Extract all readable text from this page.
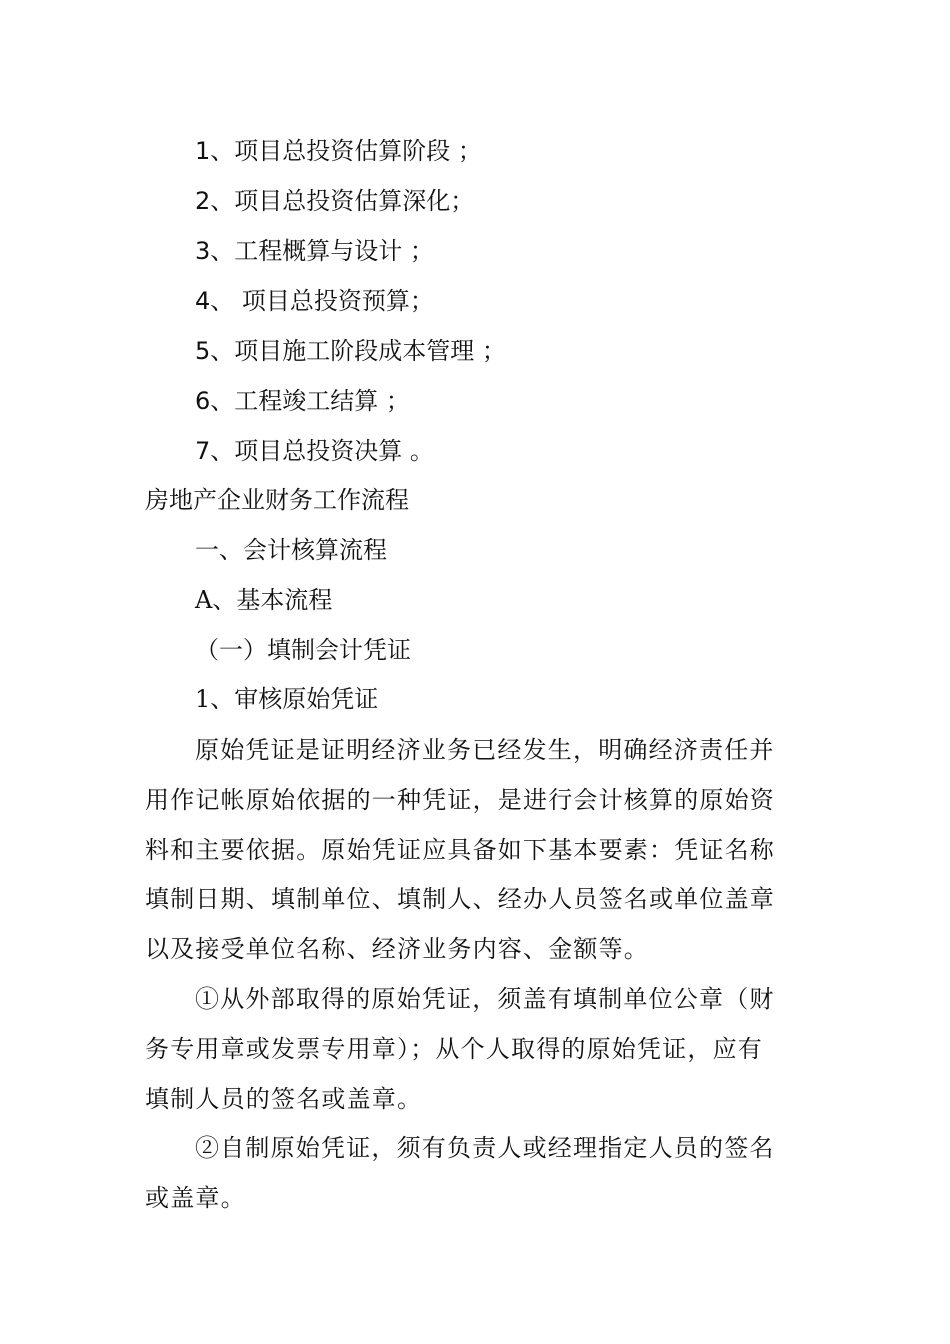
1、项目总投资估算阶段 ；
2、项目总投资估算深化；
3、工程概算与设计 ；
4、 项目总投资预算；
5、项目施工阶段成本管理 ；
6、工程竣工结算 ；
7、项目总投资决算 。
房地产企业财务工作流程
一、会计核算流程
A、基本流程
（一）填制会计凭证
1、审核原始凭证
原始凭证是证明经济业务已经发生，明确经济责任并
用作记帐原始依据的一种凭证，是进行会计核算的原始资
料和主要依据。原始凭证应具备如下基本要素：凭证名称
填制日期、填制单位、填制人、经办人员签名或单位盖章
以及接受单位名称、经济业务内容、金额等。
①从外部取得的原始凭证，须盖有填制单位公章（财
务专用章或发票专用章）；从个人取得的原始凭证，应有
填制人员的签名或盖章。
②自制原始凭证，须有负责人或经理指定人员的签名
或盖章。
